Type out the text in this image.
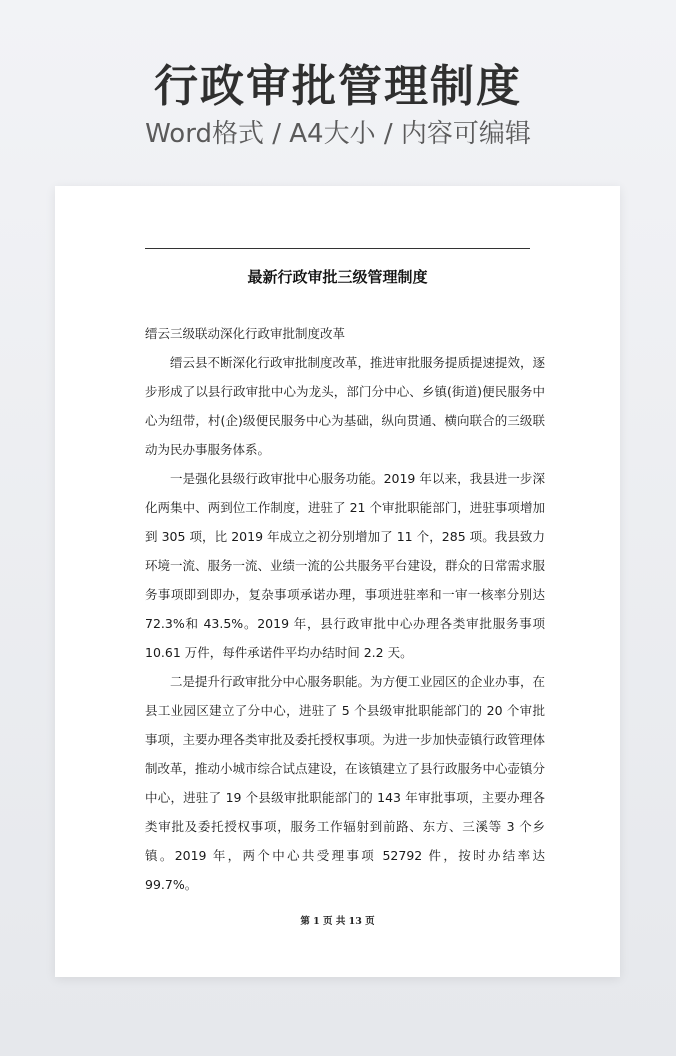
行政审批管理制度
Word格式 / A4大小 / 内容可编辑
最新行政审批三级管理制度

缙云三级联动深化行政审批制度改革

缙云县不断深化行政审批制度改革，推进审批服务提质提速提效，逐步形成了以县行政审批中心为龙头，部门分中心、乡镇(街道)便民服务中心为纽带，村(企)级便民服务中心为基础，纵向贯通、横向联合的三级联动为民办事服务体系。

一是强化县级行政审批中心服务功能。2019 年以来，我县进一步深化两集中、两到位工作制度，进驻了 21 个审批职能部门，进驻事项增加到 305 项，比 2019 年成立之初分别增加了 11 个，285 项。我县致力环境一流、服务一流、业绩一流的公共服务平台建设，群众的日常需求服务事项即到即办，复杂事项承诺办理，事项进驻率和一审一核率分别达 72.3%和 43.5%。2019 年，县行政审批中心办理各类审批服务事项 10.61 万件，每件承诺件平均办结时间 2.2 天。

二是提升行政审批分中心服务职能。为方便工业园区的企业办事，在县工业园区建立了分中心，进驻了 5 个县级审批职能部门的 20 个审批事项，主要办理各类审批及委托授权事项。为进一步加快壶镇行政管理体制改革，推动小城市综合试点建设，在该镇建立了县行政服务中心壶镇分中心，进驻了 19 个县级审批职能部门的 143 年审批事项，主要办理各类审批及委托授权事项，服务工作辐射到前路、东方、三溪等 3 个乡镇。2019 年，两个中心共受理事项 52792 件，按时办结率达 99.7%。

第 1 页 共 13 页
